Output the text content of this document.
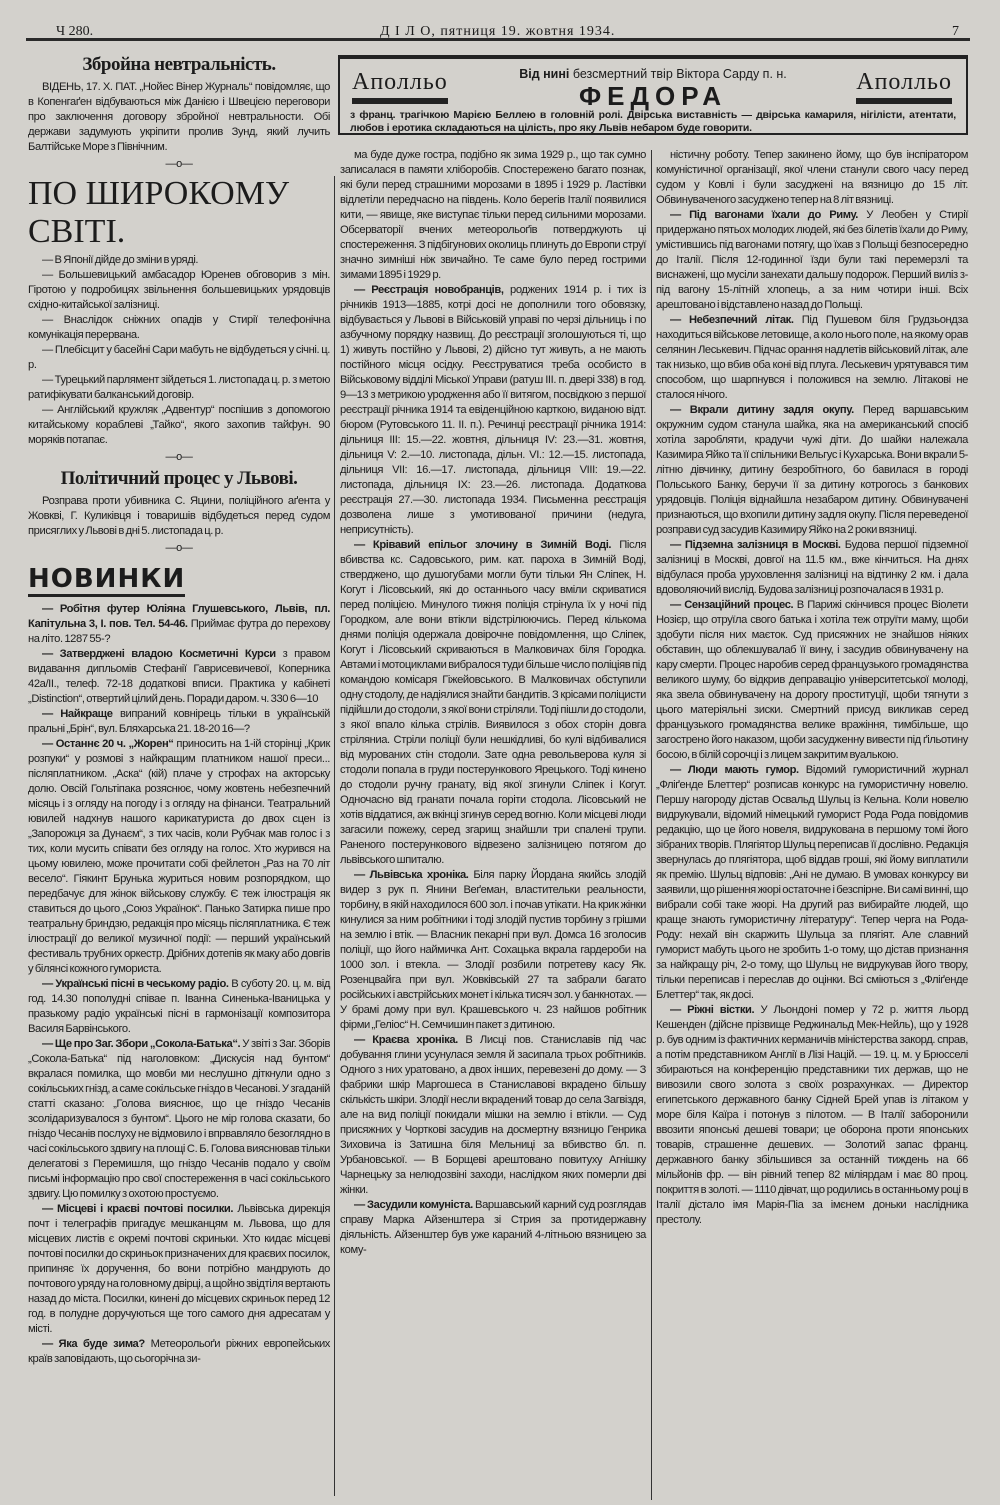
Ч 280.	Д І Л О, пятниця 19. жовтня 1934.	7
Аполльо	Від нині безсмертний твір Віктора Сарду п. н.
ФЕДОРА	Аполльо
з франц. трагічкою Марією Беллею в головній ролі. Двірська виставність — двірська камариля, нігілісти, атентати, любов і еротика складаються на цілість, про яку Львів небаром буде говорити.
Збройна невтральність.

ВІДЕНЬ, 17. Х. ПАТ. „Нойес Вінер Журналь“ повідомляє, що в Копенгаґен відбуваються між Данією і Швецією переговори про заключення договору збройної невтральности. Обі держави задумують укріпити пролив Зунд, який лучить Балтійське Море з Північним.

—o—
ПО ШИРОКОМУ СВІТІ.

— В Японії дійде до зміни в уряді.

— Большевицький амбасадор Юренев обговорив з мін. Гіротою у подробицях звільнення большевицьких урядовців східно-китайської залізниці.

— Внаслідок сніжних опадів у Стирії телефонічна комунікація перервана.

— Плебісцит у басейні Сари мабуть не відбудеться у січні. ц. р.

— Турецький парлямент зійдеться 1. листопада ц. р. з метою ратифікувати балканський договір.

— Англійський кружляк „Адвентур“ поспішив з допомогою китайському кораблеві „Тайко“, якого захопив тайфун. 90 моряків потапає.

—o—
Політичний процес у Львові.

Розправа проти убивника С. Яцини, поліційного аґента у Жовкві, Г. Куликівця і товаришів відбудеться перед судом присяглих у Львові в дні 5. листопада ц. р.

—o—
НОВИНКИ

— Робітня футер Юліяна Глушевського, Львів, пл. Капітульна 3, І. пов. Тел. 54-46. Приймає футра до перехову на літо. 1287 55-?

— Затверджені владою Косметичні Курси з правом видавання дипльомів Стефанії Гаврисевичевої, Коперника 42а/ІІ., телеф. 72-18 додаткові вписи. Практика у кабінеті „Distinction“, отвертий цілий день. Поради даром. ч. 330 6—10

— Найкраще випраний ковнірець тільки в українській пральні „Брін“, вул. Бляхарська 21. 18-20 16—?

— Останнє 20 ч. „Жорен“ приносить на 1-ій сторінці „Крик розпуки“ у розмові з найкращим платником нашої преси... післяплатником. „Аска“ (кій) плаче у строфах на акторську долю. Овсій Гольтіпака розяснює, чому жовтень небезпечний місяць і з огляду на погоду і з огляду на фінанси. Театральний ювилей надхнув нашого карикатуриста до двох сцен із „Запорожця за Дунаєм“, з тих часів, коли Рубчак мав голос і з тих, коли мусить співати без огляду на голос. Хто журився на цьому ювилею, може прочитати собі фейлетон „Раз на 70 літ весело“. Гіякинт Брунька журиться новим розпорядком, що передбачує для жінок військову службу. Є теж ілюстрація як ставиться до цього „Союз Українок“. Панько Затирка пише про театральну бриндзю, редакція про місяць післяплатника. Є теж ілюстрації до великої музичної події: — перший український фестиваль трубних оркестр. Дрібних дотепів як маку або довгів у білянсі кожного гумориста.

— Українські пісні в чеському радіо. В суботу 20. ц. м. від год. 14.30 пополудні співае п. Іванна Синенька-Іваницька у празькому радіо українські пісні в гармонізації композитора Василя Барвінського.

— Ще про Заг. Збори „Сокола-Батька“. У звіті з Заг. Зборів „Сокола-Батька“ під наголовком: „Дискусія над бунтом“ вкралася помилка, що мовби ми неслушно діткнули одно з сокільських гнізд, а саме сокільське гніздо в Чесанові. У згаданій статті сказано: „Голова вияснює, що це гніздо Чесанів зсолідаризувалося з бунтом“. Цього не мір голова сказати, бо гніздо Чесанів послуху не відмовило і впрвавляло безоглядно в часі сокільського здвигу на площі С. Б. Голова вияснював тільки делегатові з Перемишля, що гніздо Чесанів подало у своїм письмі інформацію про свої спостереження в часі сокільського здвигу. Цю помилку з охотою простуємо.

— Місцеві і краєві почтові посилки. Львівська дирекція почт і телеграфів пригадує мешканцям м. Львова, що для місцевих листів є окремі почтові скриньки. Хто кидає місцеві почтові посилки до скриньок призначених для краєвих посилок, припиняє їх доручення, бо вони потрібно мандрують до почтового уряду на головному двірці, а щойно звідтіля вертають назад до міста. Посилки, кинені до місцевих скриньок перед 12 год. в полудне доручуються ще того самого дня адресатам у місті.

— Яка буде зима? Метеорольоґи ріжних европейських країв заповідають, що сьогорічна зи-

ма буде дуже гостра, подібно як зима 1929 р., що так сумно записалася в памяти хліборобів. Спостережено багато познак, які були перед страшними морозами в 1895 і 1929 р. Ластівки відлетіли передчасно на південь. Коло берегів Італії появилися кити, — явище, яке виступає тільки перед сильними морозами. Обсерваторії вчених метеорольоґів потверджують ці спостереження. З підбігунових околиць плинуть до Европи струї значно зимніші ніж звичайно. Те саме було перед гострими зимами 1895 і 1929 р.

— Реєстрація новобранців, роджених 1914 р. і тих із річників 1913—1885, котрі досі не дополнили того обовязку, відбувається у Львові в Військовій управі по черзі дільниць і по азбучному порядку назвищ. До реєстрації зголошуються ті, що 1) живуть постійно у Львові, 2) дійсно тут живуть, а не мають постійного місця осідку. Реєструватися треба особисто в Військовому відділі Міської Управи (ратуш ІІІ. п. двері 338) в год. 9—13 з метрикою уродження або її витягом, посвідкою з першої реєстрації річника 1914 та евіденційною карткою, виданою відт. бюром (Рутовського 11. ІІ. п.). Речинці реєстрації річника 1914: дільниця ІІІ: 15.—22. жовтня, дільниця IV: 23.—31. жовтня, дільниця V: 2.—10. листопада, дільн. VI.: 12.—15. листопада, дільниця VII: 16.—17. листопада, дільниця VIII: 19.—22. листопада, дільниця IX: 23.—26. листопада. Додаткова реєстрація 27.—30. листопада 1934. Письменна реєстрація дозволена лише з умотивованої причини (недуга, неприсутність).

— Крівавий епільог злочину в Зимній Воді. Після вбивства кс. Садовського, рим. кат. пароха в Зимній Воді, стверджено, що душогубами могли бути тільки Ян Сліпек, Н. Когут і Лісовський, які до останнього часу вміли скриватися перед поліцією. Минулого тижня поліція стрінула їх у ночі під Городком, але вони втікли відстрілюючись. Перед кількома днями поліція одержала довірочне повідомлення, що Сліпек, Когут і Лісовський скриваються в Малковичах біля Городка. Автами і мотоциклами вибралося туди більше число поліціяв під командою комісаря Гіжейовського. В Малковичах обступили одну стодолу, де надіялися знайти бандитів. З крісами поліцисти підійшли до стодоли, з якої вони стріляли. Тоді пішли до стодоли, з якої впало кілька стрілів. Виявилося з обох сторін довга стріляниа. Стріли поліції були нешкідливі, бо кулі відбивалися від мурованих стін стодоли. Зате одна револьверова куля зі стодоли попала в груди постерункового Ярецького. Тоді кинено до стодоли ручну гранату, від якої згинули Сліпек і Когут. Одночасно від гранати почала горіти стодола. Лісовський не хотів віддатися, аж вкінці згинув серед вогню. Коли місцеві люди загасили пожежу, серед згарищ знайшли три спалені трупи. Раненого постерункового відвезено залізницею потягом до львівського шпиталю.

— Львівська хроніка. Біля парку Йордана якийсь злодій видер з рук п. Янини Веґеман, властительки реальности, торбину, в якій находилося 600 зол. і почав утікати. На крик жінки кинулися за ним робітники і тоді злодій пустив торбину з грішми на землю і втік. — Власник пекарні при вул. Домса 16 зголосив поліції, що його наймичка Ант. Сохацька вкрала гардероби на 1000 зол. і втекла. — Злодії розбили потретеву касу Як. Розенцвайга при вул. Жовківській 27 та забрали багато російських і австрійських монет і кілька тисяч зол. у банкнотах. — У брамі дому при вул. Крашевського ч. 23 найшов робітник фірми „Геліос“ Н. Семчишин пакет з дитиною.

— Краєва хроніка. В Лисці пов. Станиславів під час добування глини усунулася земля й засипала трьох робітників. Одного з них уратовано, а двох інших, перевезені до дому. — З фабрики шкір Маргошеса в Станиславові вкрадено більшу скількість шкіри. Злодії несли вкрадений товар до села Загвіздя, але на вид поліції покидали мішки на землю і втікли. — Суд присяжних у Чорткові засудив на досмертну вязницю Генрика Зиховича із Затишна біля Мельниці за вбивство бл. п. Урбановської. — В Борщеві арештовано повитуху Агнішку Чарнецьку за нелюдозвіні заходи, наслідком яких померли дві жінки.

— Засудили комуніста. Варшавський карний суд розглядав справу Марка Айзенштера зі Стрия за протидержавну діяльність. Айзенштер був уже караний 4-літньою вязницею за кому-

ністичну роботу. Тепер закинено йому, що був інспіратором комуністичної організації, якої члени станули свого часу перед судом у Ковлі і були засуджені на вязницю до 15 літ. Обвинуваченого засуджено тепер на 8 літ вязниці.

— Під вагонами їхали до Риму. У Леобен у Стирії придержано пятьох молодих людей, які без білетів їхали до Риму, умістившись під вагонами потягу, що їхав з Польщі безпосередно до Італії. Після 12-годинної їзди були такі перемерзлі та виснажені, що мусіли занехати дальшу подорож. Перший виліз з-під вагону 15-літній хлопець, а за ним чотири інші. Всіх арештовано і відставлено назад до Польщі.

— Небезпечний літак. Під Пушевом біля Грудзьондза находиться військове летовище, а коло нього поле, на якому орав селянин Леськевич. Підчас орання надлетів військовий літак, але так низько, що вбив оба коні від плуга. Леськевич урятувався тим способом, що шарпнувся і положився на землю. Літакові не сталося нічого.

— Вкрали дитину задля окупу. Перед варшавським окружним судом станула шайка, яка на американський спосіб хотіла заробляти, крадучи чужі діти. До шайки належала Казимира Яйко та її спільники Вельгус і Кухарська. Вони вкрали 5-літню дівчинку, дитину безробітного, бо бавилася в городі Польського Банку, беручи її за дитину котрогось з банкових урядовців. Поліція віднайшла незабаром дитину. Обвинувачені признаються, що вхопили дитину задля окупу. Після переведеної розправи суд засудив Казимиру Яйко на 2 роки вязниці.

— Підземна залізниця в Москві. Будова першої підземної залізниці в Москві, довгої на 11.5 км., вже кінчиться. На днях відбулася проба уруховлення залізниці на відтинку 2 км. і дала вдоволяючий вислід. Будова залізниці розпочалася в 1931 р.

— Сензаційний процес. В Парижі скінчився процес Віолети Нозієр, що отруїла свого батька і хотіла теж отруїти маму, щоби здобути після них маєток. Суд присяжних не знайшов ніяких обставин, що облекшувалаб її вину, і засудив обвинувачену на кару смерти. Процес наробив серед французького громадянства великого шуму, бо відкрив деправацію університетської молоді, яка звела обвинувачену на дорогу проституції, щоби тягнути з цього матеріяльні зиски. Смертний присуд викликав серед французького громадянства велике вражіння, тимбільше, що загострено його наказом, щоби засудженну вивести під ґільотину босою, в білій сорочці і з лицем закритим вуалькою.

— Люди мають гумор. Відомий гумористичний журнал „Фліґенде Блеттер“ розписав конкурс на гумористичну новелю. Першу нагороду дістав Освальд Шульц із Кельна. Коли новелю видрукували, відомий німецький гуморист Рода Рода повідомив редакцію, що це його новеля, видрукована в першому томі його зібраних творів. Плягіятор Шульц переписав її дослівно. Редакція звернулась до плягіятора, щоб віддав гроші, які йому виплатили як премію. Шульц відповів: „Ані не думаю. В умовах конкурсу ви заявили, що рішення жюрі остаточне і безспірне. Ви самі винні, що вибрали собі таке жюрі. На другий раз вибирайте людей, що краще знають гумористичну літературу“. Тепер черга на Рода-Роду: нехай він скаржить Шульца за плягіят. Але славний гуморист мабуть цього не зробить 1-о тому, що дістав признання за найкращу річ, 2-о тому, що Шульц не видрукував його твору, тільки переписав і переслав до оцінки. Всі сміються з „Фліґенде Блеттер“ так, як досі.

— Ріжні вістки. У Льондоні помер у 72 р. життя льорд Кешенден (дійсне прізвище Реджинальд Мек-Нейль), що у 1928 р. був одним із фактичних керманичів міністерства закорд. справ, а потім представником Англії в Лізі Націй. — 19. ц. м. у Брюсселі збираються на конференцію представники тих держав, що не вивозили свого золота з своїх розрахунках. — Директор египетського державного банку Сідней Брей упав із літаком у море біля Каїра і потонув з пілотом. — В Італії заборонили ввозити японські дешеві товари; це оборона проти японських товарів, страшенне дешевих. — Золотий запас франц. державного банку збільшився за останній тиждень на 66 мільйонів фр. — він рівний тепер 82 міліярдам і має 80 проц. покриття в золоті. — 1110 дівчат, що родились в останньому році в Італії дістало імя Марія-Піа за імєнем доньки наслідника престолу.
